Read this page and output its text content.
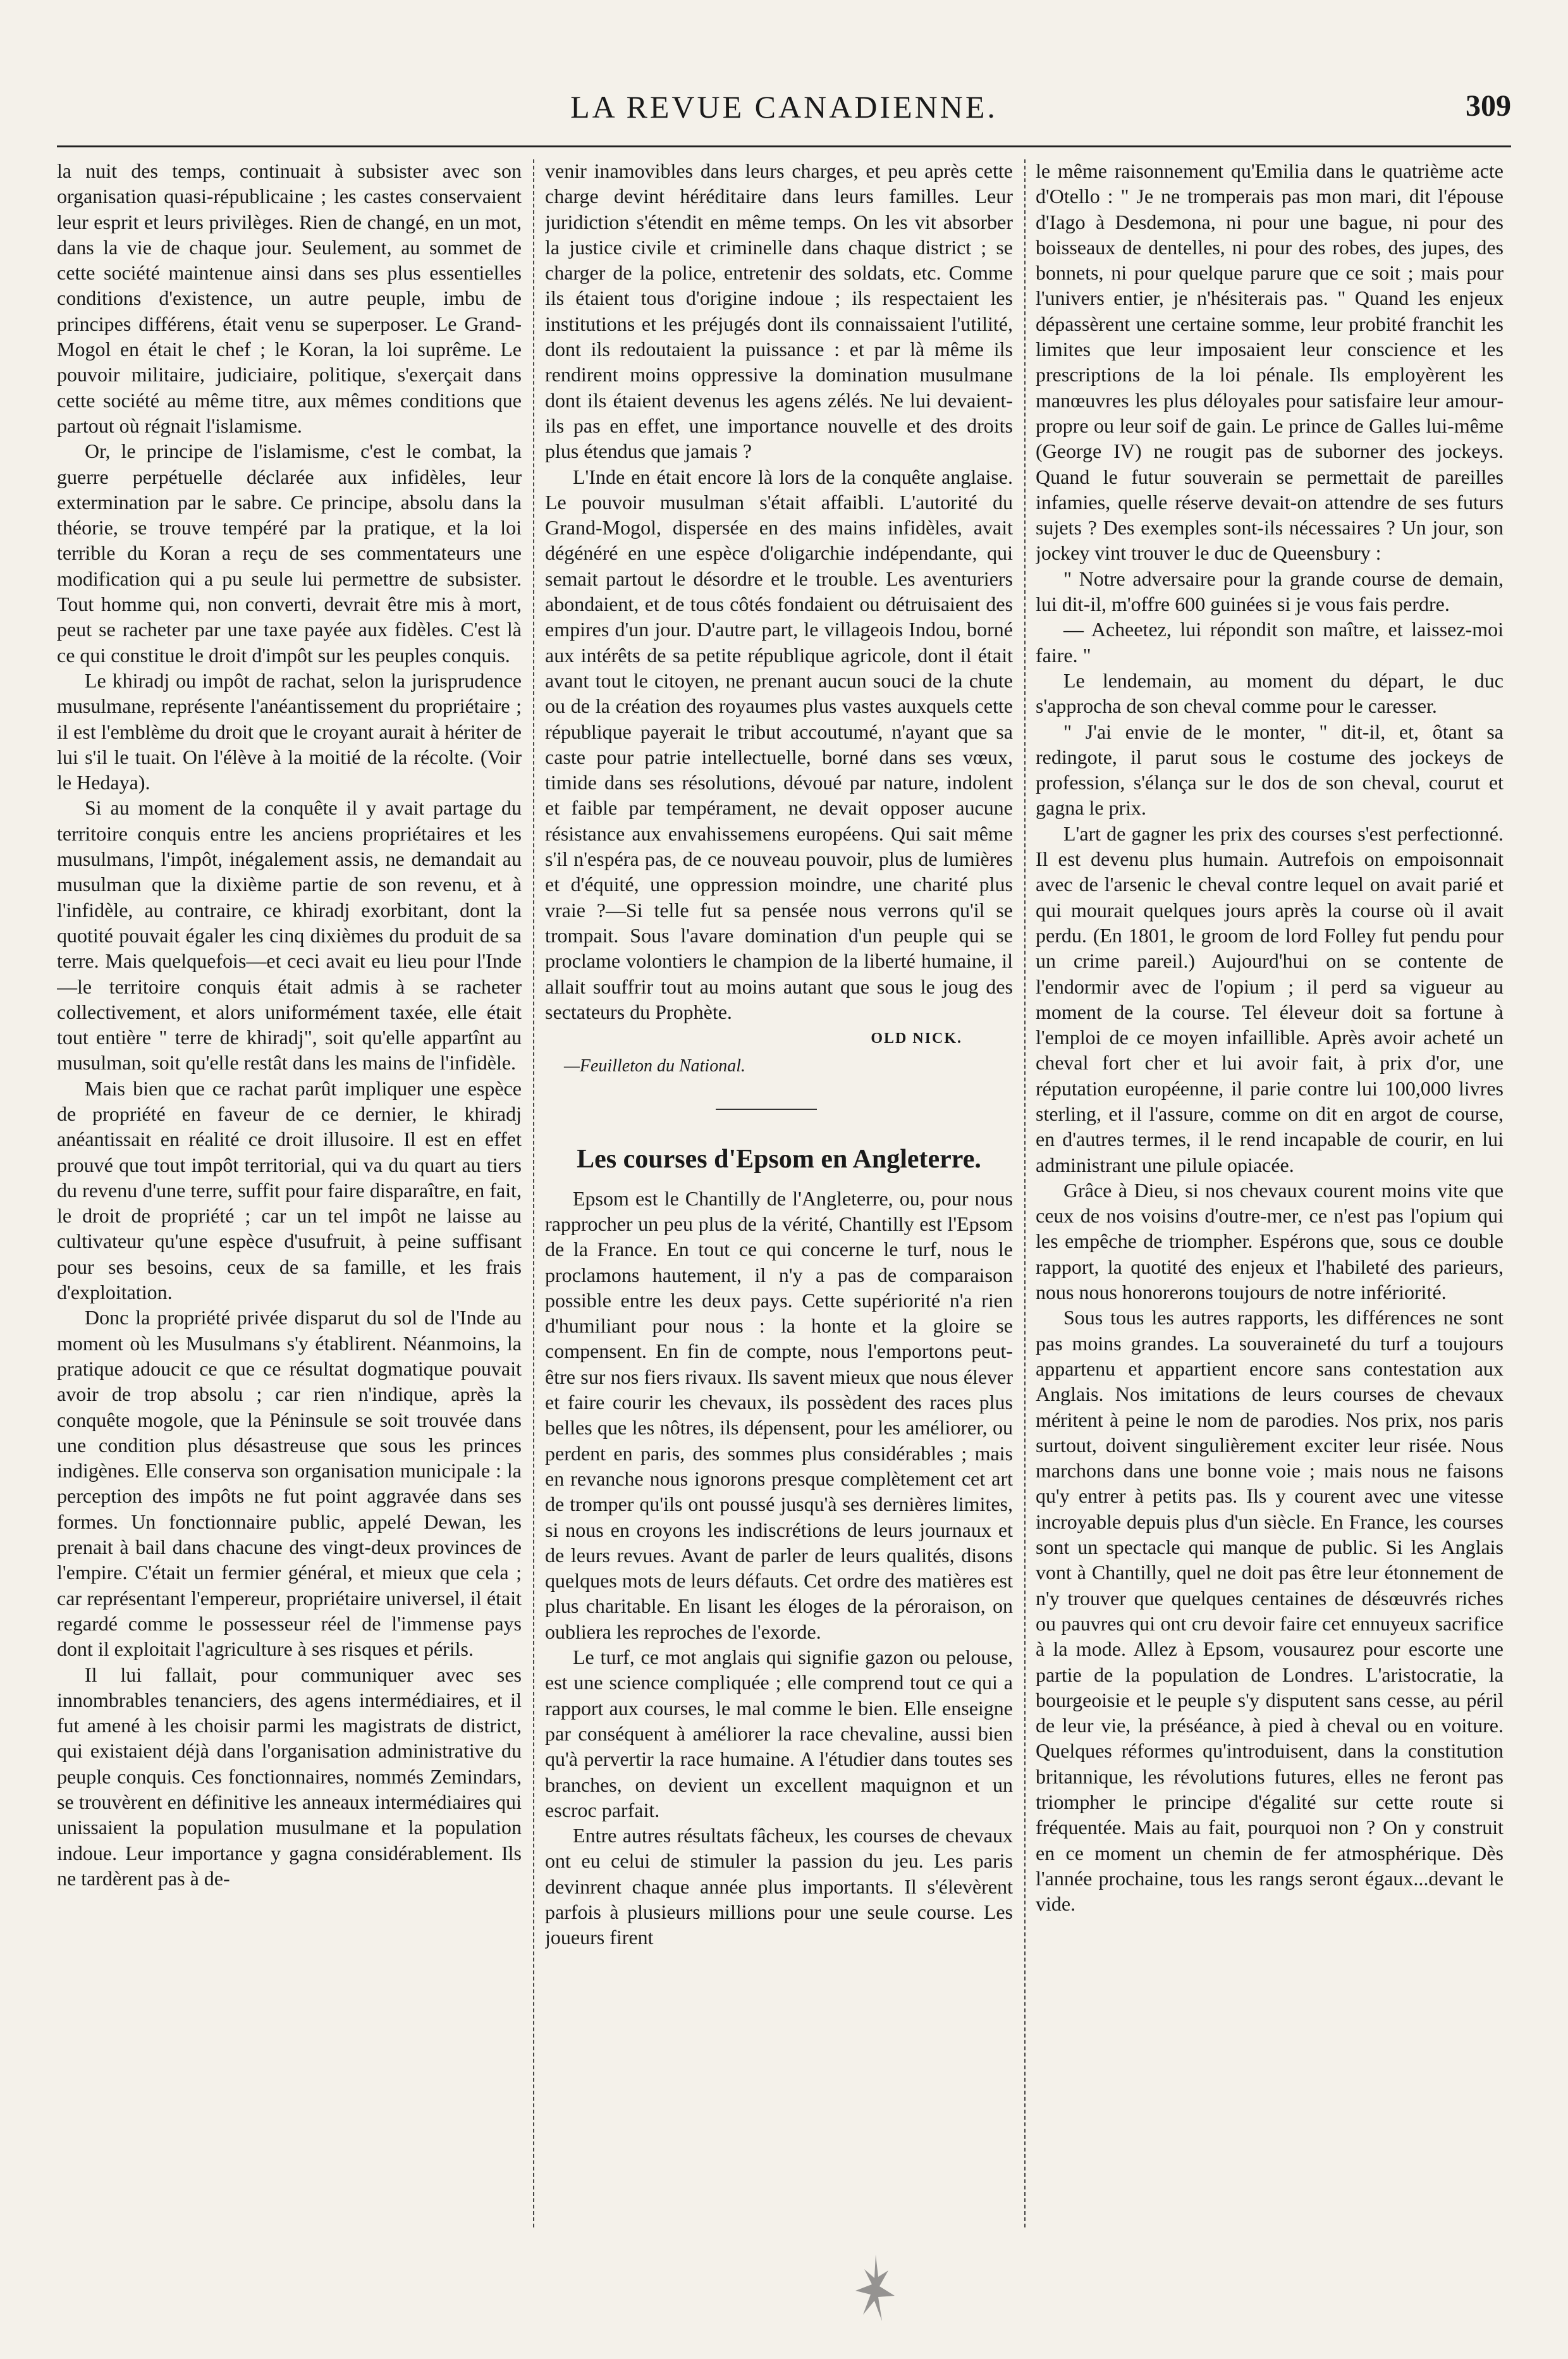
LA REVUE CANADIENNE.	309

la nuit des temps, continuait à subsister avec son organisation quasi-républicaine ; les castes conservaient leur esprit et leurs privilèges. Rien de changé, en un mot, dans la vie de chaque jour. Seulement, au sommet de cette société maintenue ainsi dans ses plus essentielles conditions d'existence, un autre peuple, imbu de principes différens, était venu se superposer. Le Grand-Mogol en était le chef ; le Koran, la loi suprême. Le pouvoir militaire, judiciaire, politique, s'exerçait dans cette société au même titre, aux mêmes conditions que partout où régnait l'islamisme.

Or, le principe de l'islamisme, c'est le combat, la guerre perpétuelle déclarée aux infidèles, leur extermination par le sabre. Ce principe, absolu dans la théorie, se trouve tempéré par la pratique, et la loi terrible du Koran a reçu de ses commentateurs une modification qui a pu seule lui permettre de subsister. Tout homme qui, non converti, devrait être mis à mort, peut se racheter par une taxe payée aux fidèles. C'est là ce qui constitue le droit d'impôt sur les peuples conquis.

Le khiradj ou impôt de rachat, selon la jurisprudence musulmane, représente l'anéantissement du propriétaire ; il est l'emblème du droit que le croyant aurait à hériter de lui s'il le tuait. On l'élève à la moitié de la récolte. (Voir le Hedaya).

Si au moment de la conquête il y avait partage du territoire conquis entre les anciens propriétaires et les musulmans, l'impôt, inégalement assis, ne demandait au musulman que la dixième partie de son revenu, et à l'infidèle, au contraire, ce khiradj exorbitant, dont la quotité pouvait égaler les cinq dixièmes du produit de sa terre. Mais quelquefois—et ceci avait eu lieu pour l'Inde—le territoire conquis était admis à se racheter collectivement, et alors uniformément taxée, elle était tout entière " terre de khiradj", soit qu'elle appartînt au musulman, soit qu'elle restât dans les mains de l'infidèle.

Mais bien que ce rachat parût impliquer une espèce de propriété en faveur de ce dernier, le khiradj anéantissait en réalité ce droit illusoire. Il est en effet prouvé que tout impôt territorial, qui va du quart au tiers du revenu d'une terre, suffit pour faire disparaître, en fait, le droit de propriété ; car un tel impôt ne laisse au cultivateur qu'une espèce d'usufruit, à peine suffisant pour ses besoins, ceux de sa famille, et les frais d'exploitation.

Donc la propriété privée disparut du sol de l'Inde au moment où les Musulmans s'y établirent. Néanmoins, la pratique adoucit ce que ce résultat dogmatique pouvait avoir de trop absolu ; car rien n'indique, après la conquête mogole, que la Péninsule se soit trouvée dans une condition plus désastreuse que sous les princes indigènes. Elle conserva son organisation municipale : la perception des impôts ne fut point aggravée dans ses formes. Un fonctionnaire public, appelé Dewan, les prenait à bail dans chacune des vingt-deux provinces de l'empire. C'était un fermier général, et mieux que cela ; car représentant l'empereur, propriétaire universel, il était regardé comme le possesseur réel de l'immense pays dont il exploitait l'agriculture à ses risques et périls.

Il lui fallait, pour communiquer avec ses innombrables tenanciers, des agens intermédiaires, et il fut amené à les choisir parmi les magistrats de district, qui existaient déjà dans l'organisation administrative du peuple conquis. Ces fonctionnaires, nommés Zemindars, se trouvèrent en définitive les anneaux intermédiaires qui unissaient la population musulmane et la population indoue. Leur importance y gagna considérablement. Ils ne tardèrent pas à de-

venir inamovibles dans leurs charges, et peu après cette charge devint héréditaire dans leurs familles. Leur juridiction s'étendit en même temps. On les vit absorber la justice civile et criminelle dans chaque district ; se charger de la police, entretenir des soldats, etc. Comme ils étaient tous d'origine indoue ; ils respectaient les institutions et les préjugés dont ils connaissaient l'utilité, dont ils redoutaient la puissance : et par là même ils rendirent moins oppressive la domination musulmane dont ils étaient devenus les agens zélés. Ne lui devaient-ils pas en effet, une importance nouvelle et des droits plus étendus que jamais ?

L'Inde en était encore là lors de la conquête anglaise. Le pouvoir musulman s'était affaibli. L'autorité du Grand-Mogol, dispersée en des mains infidèles, avait dégénéré en une espèce d'oligarchie indépendante, qui semait partout le désordre et le trouble. Les aventuriers abondaient, et de tous côtés fondaient ou détruisaient des empires d'un jour. D'autre part, le villageois Indou, borné aux intérêts de sa petite république agricole, dont il était avant tout le citoyen, ne prenant aucun souci de la chute ou de la création des royaumes plus vastes auxquels cette république payerait le tribut accoutumé, n'ayant que sa caste pour patrie intellectuelle, borné dans ses vœux, timide dans ses résolutions, dévoué par nature, indolent et faible par tempérament, ne devait opposer aucune résistance aux envahissemens européens. Qui sait même s'il n'espéra pas, de ce nouveau pouvoir, plus de lumières et d'équité, une oppression moindre, une charité plus vraie ?—Si telle fut sa pensée nous verrons qu'il se trompait. Sous l'avare domination d'un peuple qui se proclame volontiers le champion de la liberté humaine, il allait souffrir tout au moins autant que sous le joug des sectateurs du Prophète.

OLD NICK.
—Feuilleton du National.
Les courses d'Epsom en Angleterre.

Epsom est le Chantilly de l'Angleterre, ou, pour nous rapprocher un peu plus de la vérité, Chantilly est l'Epsom de la France. En tout ce qui concerne le turf, nous le proclamons hautement, il n'y a pas de comparaison possible entre les deux pays. Cette supériorité n'a rien d'humiliant pour nous : la honte et la gloire se compensent. En fin de compte, nous l'emportons peut-être sur nos fiers rivaux. Ils savent mieux que nous élever et faire courir les chevaux, ils possèdent des races plus belles que les nôtres, ils dépensent, pour les améliorer, ou perdent en paris, des sommes plus considérables ; mais en revanche nous ignorons presque complètement cet art de tromper qu'ils ont poussé jusqu'à ses dernières limites, si nous en croyons les indiscrétions de leurs journaux et de leurs revues. Avant de parler de leurs qualités, disons quelques mots de leurs défauts. Cet ordre des matières est plus charitable. En lisant les éloges de la péroraison, on oubliera les reproches de l'exorde.

Le turf, ce mot anglais qui signifie gazon ou pelouse, est une science compliquée ; elle comprend tout ce qui a rapport aux courses, le mal comme le bien. Elle enseigne par conséquent à améliorer la race chevaline, aussi bien qu'à pervertir la race humaine. A l'étudier dans toutes ses branches, on devient un excellent maquignon et un escroc parfait.

Entre autres résultats fâcheux, les courses de chevaux ont eu celui de stimuler la passion du jeu. Les paris devinrent chaque année plus importants. Il s'élevèrent parfois à plusieurs millions pour une seule course. Les joueurs firent

le même raisonnement qu'Emilia dans le quatrième acte d'Otello : " Je ne tromperais pas mon mari, dit l'épouse d'Iago à Desdemona, ni pour une bague, ni pour des boisseaux de dentelles, ni pour des robes, des jupes, des bonnets, ni pour quelque parure que ce soit ; mais pour l'univers entier, je n'hésiterais pas. " Quand les enjeux dépassèrent une certaine somme, leur probité franchit les limites que leur imposaient leur conscience et les prescriptions de la loi pénale. Ils employèrent les manœuvres les plus déloyales pour satisfaire leur amour-propre ou leur soif de gain. Le prince de Galles lui-même (George IV) ne rougit pas de suborner des jockeys. Quand le futur souverain se permettait de pareilles infamies, quelle réserve devait-on attendre de ses futurs sujets ? Des exemples sont-ils nécessaires ? Un jour, son jockey vint trouver le duc de Queensbury :

" Notre adversaire pour la grande course de demain, lui dit-il, m'offre 600 guinées si je vous fais perdre.

— Acheetez, lui répondit son maître, et laissez-moi faire. "

Le lendemain, au moment du départ, le duc s'approcha de son cheval comme pour le caresser.

" J'ai envie de le monter, " dit-il, et, ôtant sa redingote, il parut sous le costume des jockeys de profession, s'élança sur le dos de son cheval, courut et gagna le prix.

L'art de gagner les prix des courses s'est perfectionné. Il est devenu plus humain. Autrefois on empoisonnait avec de l'arsenic le cheval contre lequel on avait parié et qui mourait quelques jours après la course où il avait perdu. (En 1801, le groom de lord Folley fut pendu pour un crime pareil.) Aujourd'hui on se contente de l'endormir avec de l'opium ; il perd sa vigueur au moment de la course. Tel éleveur doit sa fortune à l'emploi de ce moyen infaillible. Après avoir acheté un cheval fort cher et lui avoir fait, à prix d'or, une réputation européenne, il parie contre lui 100,000 livres sterling, et il l'assure, comme on dit en argot de course, en d'autres termes, il le rend incapable de courir, en lui administrant une pilule opiacée.

Grâce à Dieu, si nos chevaux courent moins vite que ceux de nos voisins d'outre-mer, ce n'est pas l'opium qui les empêche de triompher. Espérons que, sous ce double rapport, la quotité des enjeux et l'habileté des parieurs, nous nous honorerons toujours de notre infériorité.

Sous tous les autres rapports, les différences ne sont pas moins grandes. La souveraineté du turf a toujours appartenu et appartient encore sans contestation aux Anglais. Nos imitations de leurs courses de chevaux méritent à peine le nom de parodies. Nos prix, nos paris surtout, doivent singulièrement exciter leur risée. Nous marchons dans une bonne voie ; mais nous ne faisons qu'y entrer à petits pas. Ils y courent avec une vitesse incroyable depuis plus d'un siècle. En France, les courses sont un spectacle qui manque de public. Si les Anglais vont à Chantilly, quel ne doit pas être leur étonnement de n'y trouver que quelques centaines de désœuvrés riches ou pauvres qui ont cru devoir faire cet ennuyeux sacrifice à la mode. Allez à Epsom, vousaurez pour escorte une partie de la population de Londres. L'aristocratie, la bourgeoisie et le peuple s'y disputent sans cesse, au péril de leur vie, la préséance, à pied à cheval ou en voiture. Quelques réformes qu'introduisent, dans la constitution britannique, les révolutions futures, elles ne feront pas triompher le principe d'égalité sur cette route si fréquentée. Mais au fait, pourquoi non ? On y construit en ce moment un chemin de fer atmosphérique. Dès l'année prochaine, tous les rangs seront égaux...devant le vide.
